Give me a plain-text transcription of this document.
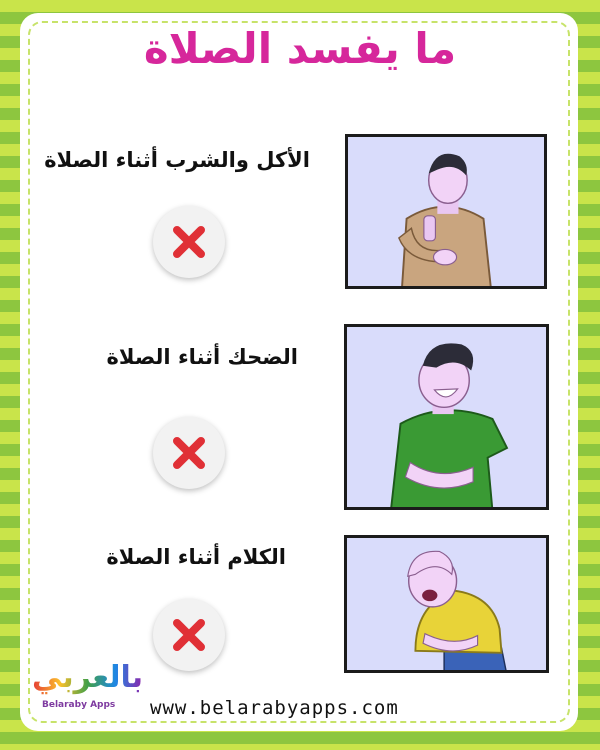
ما يفسد الصلاة
الأكل والشرب أثناء الصلاة
الضحك أثناء الصلاة
الكلام أثناء الصلاة
بالعربي
Belaraby Apps www.belarabyapps.com
